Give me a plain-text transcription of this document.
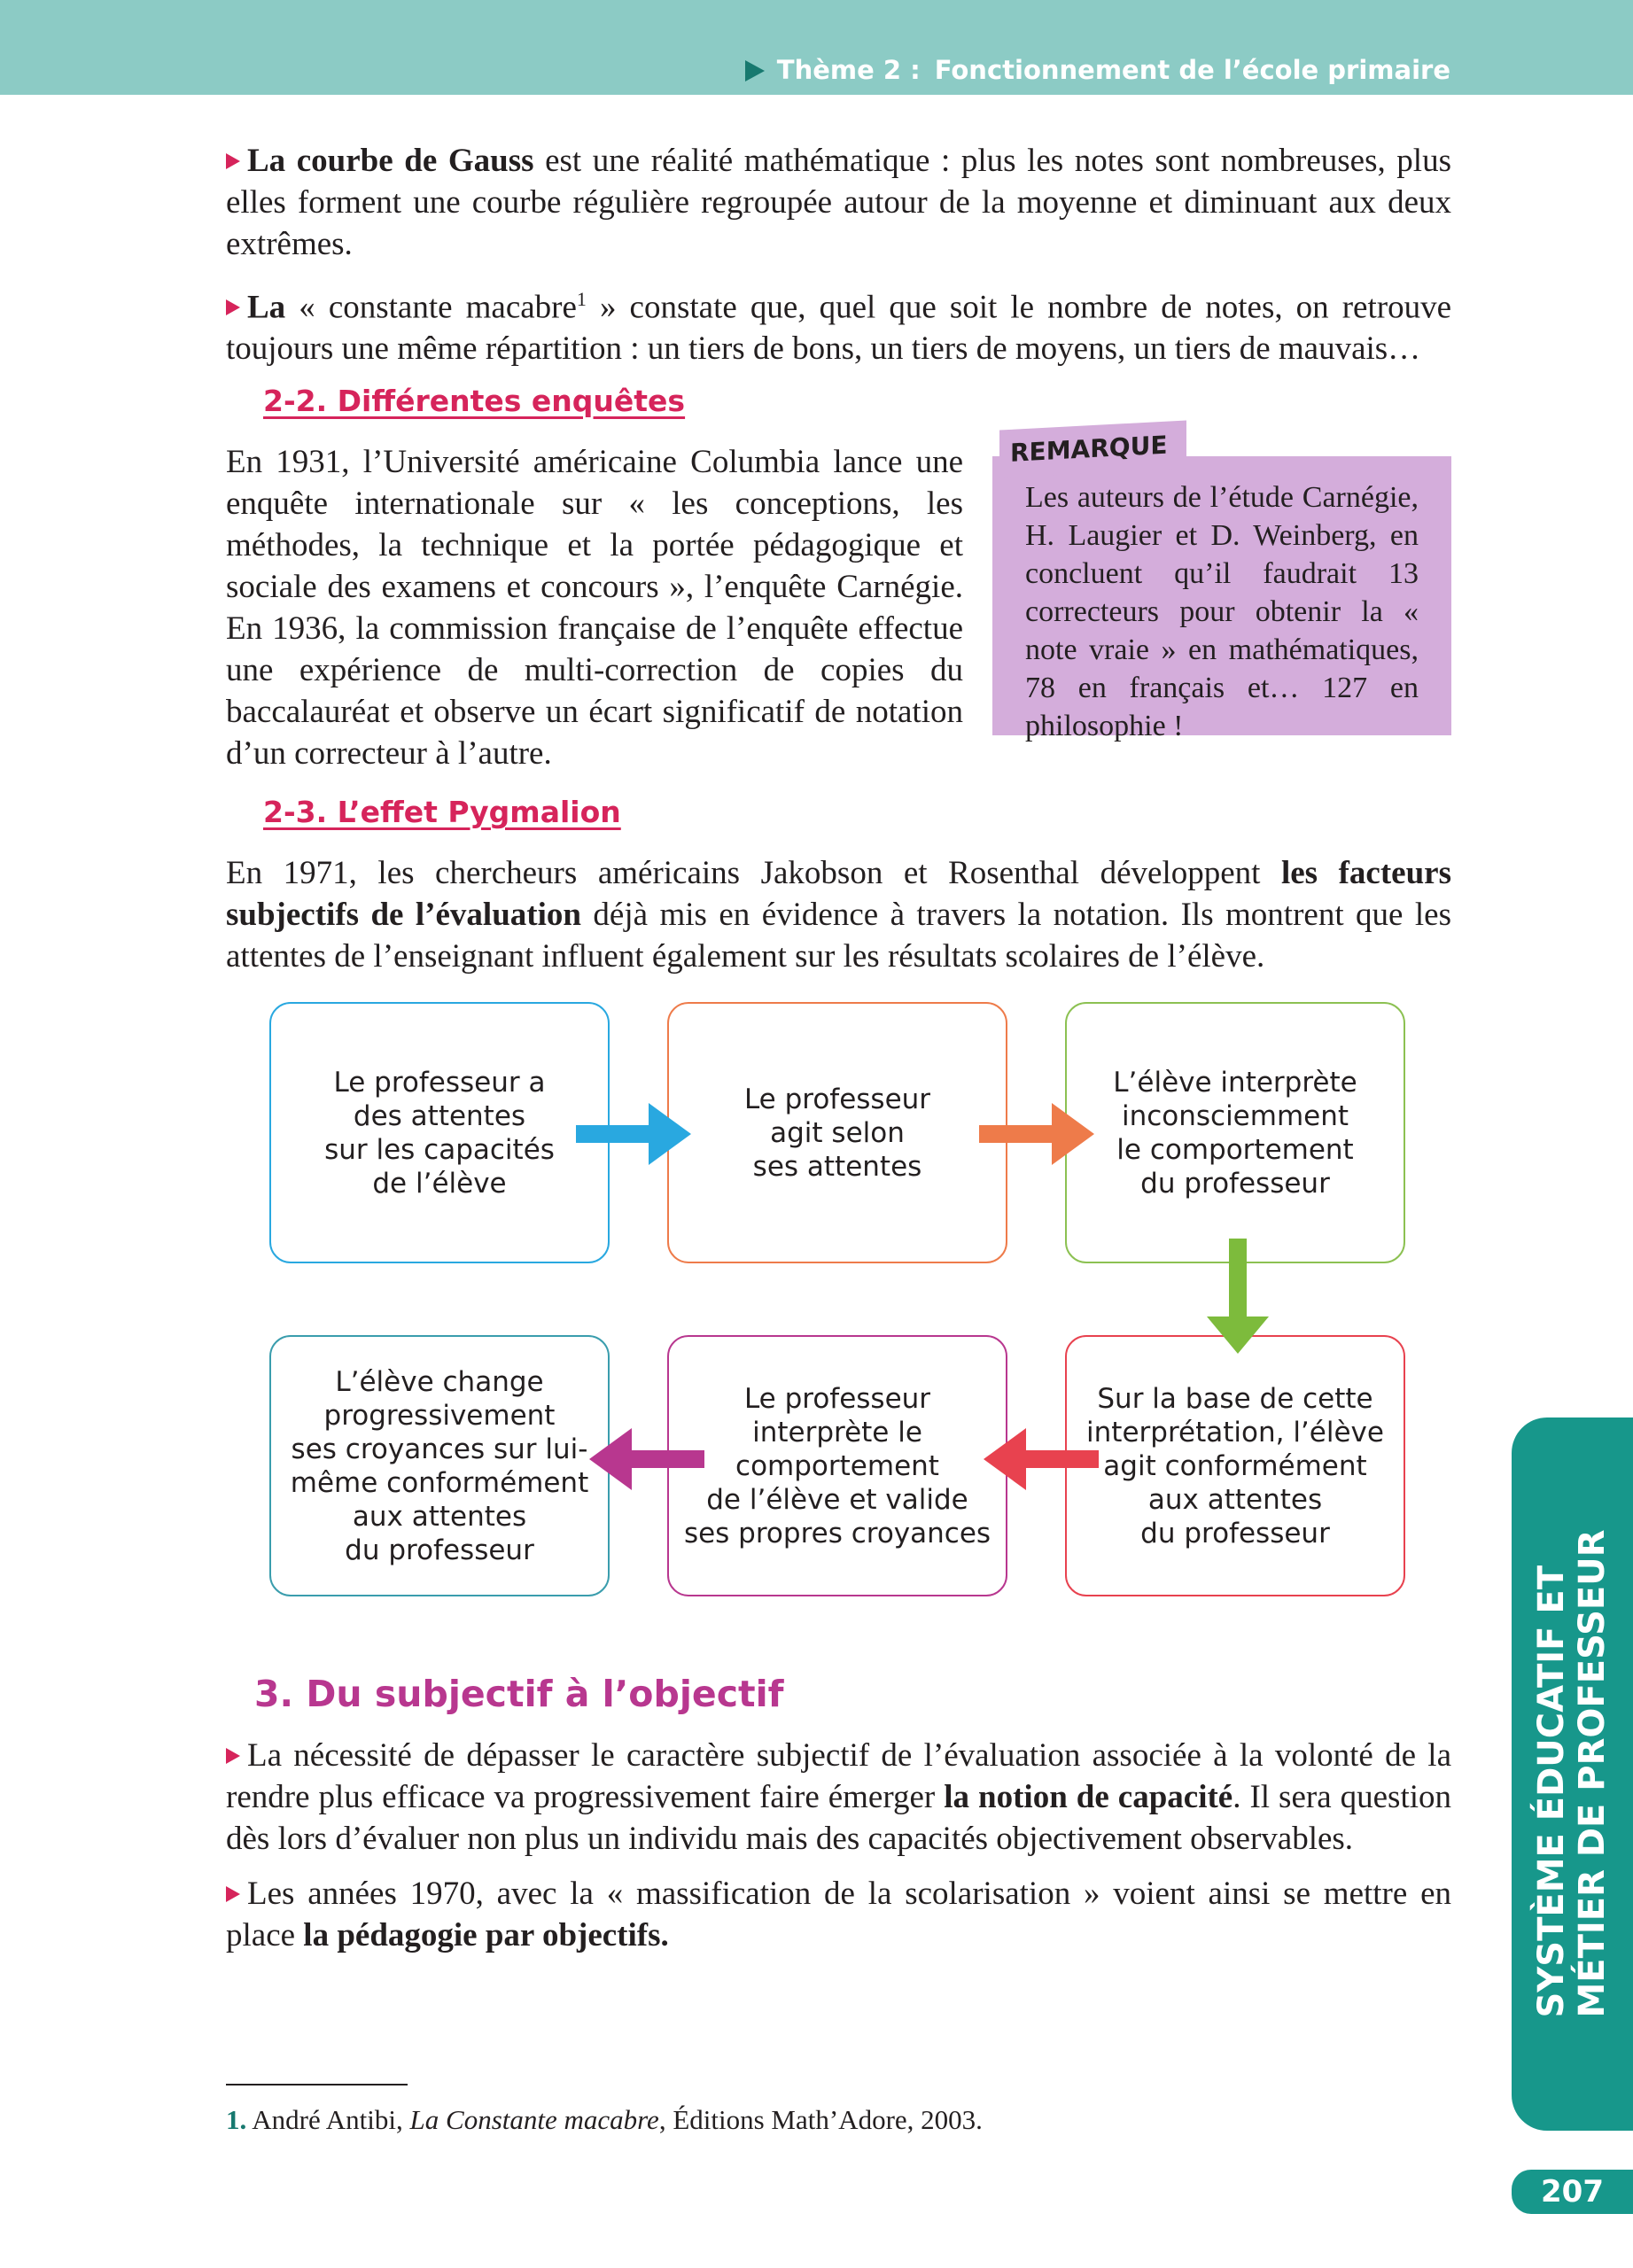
Thème 2 : Fonctionnement de l’école primaire

La courbe de Gauss est une réalité mathématique : plus les notes sont nombreuses, plus elles forment une courbe régulière regroupée autour de la moyenne et diminuant aux deux extrêmes.

La « constante macabre$^1$ » constate que, quel que soit le nombre de notes, on retrouve toujours une même répartition : un tiers de bons, un tiers de moyens, un tiers de mauvais…

2-2. Différentes enquêtes

En 1931, l’Université américaine Columbia lance une enquête internationale sur « les conceptions, les méthodes, la technique et la portée pédagogique et sociale des examens et concours », l’enquête Carnégie. En 1936, la commission française de l’enquête effectue une expérience de multi-correction de copies du baccalauréat et observe un écart significatif de notation d’un correcteur à l’autre.

REMARQUE

Les auteurs de l’étude Carnégie, H. Laugier et D. Weinberg, en concluent qu’il faudrait 13 correcteurs pour obtenir la « note vraie » en mathématiques, 78 en français et… 127 en philosophie !

2-3. L’effet Pygmalion

En 1971, les chercheurs américains Jakobson et Rosenthal développent les facteurs subjectifs de l’évaluation déjà mis en évidence à travers la notation. Ils montrent que les attentes de l’enseignant influent également sur les résultats scolaires de l’élève.

Le professeur a
des attentes
sur les capacités
de l’élève
Le professeur
agit selon
ses attentes
L’élève interprète
inconsciemment
le comportement
du professeur
Sur la base de cette
interprétation, l’élève
agit conformément
aux attentes
du professeur
Le professeur
interprète le
comportement
de l’élève et valide
ses propres croyances
L’élève change
progressivement
ses croyances sur lui-
même conformément
aux attentes
du professeur
3. Du subjectif à l’objectif

La nécessité de dépasser le caractère subjectif de l’évaluation associée à la volonté de la rendre plus efficace va progressivement faire émerger la notion de capacité. Il sera question dès lors d’évaluer non plus un individu mais des capacités objectivement observables.

Les années 1970, avec la « massification de la scolarisation » voient ainsi se mettre en place la pédagogie par objectifs.

1. André Antibi, La Constante macabre, Éditions Math’Adore, 2003.

SYSTÈME ÉDUCATIF ET MÉTIER DE PROFESSEUR
207
